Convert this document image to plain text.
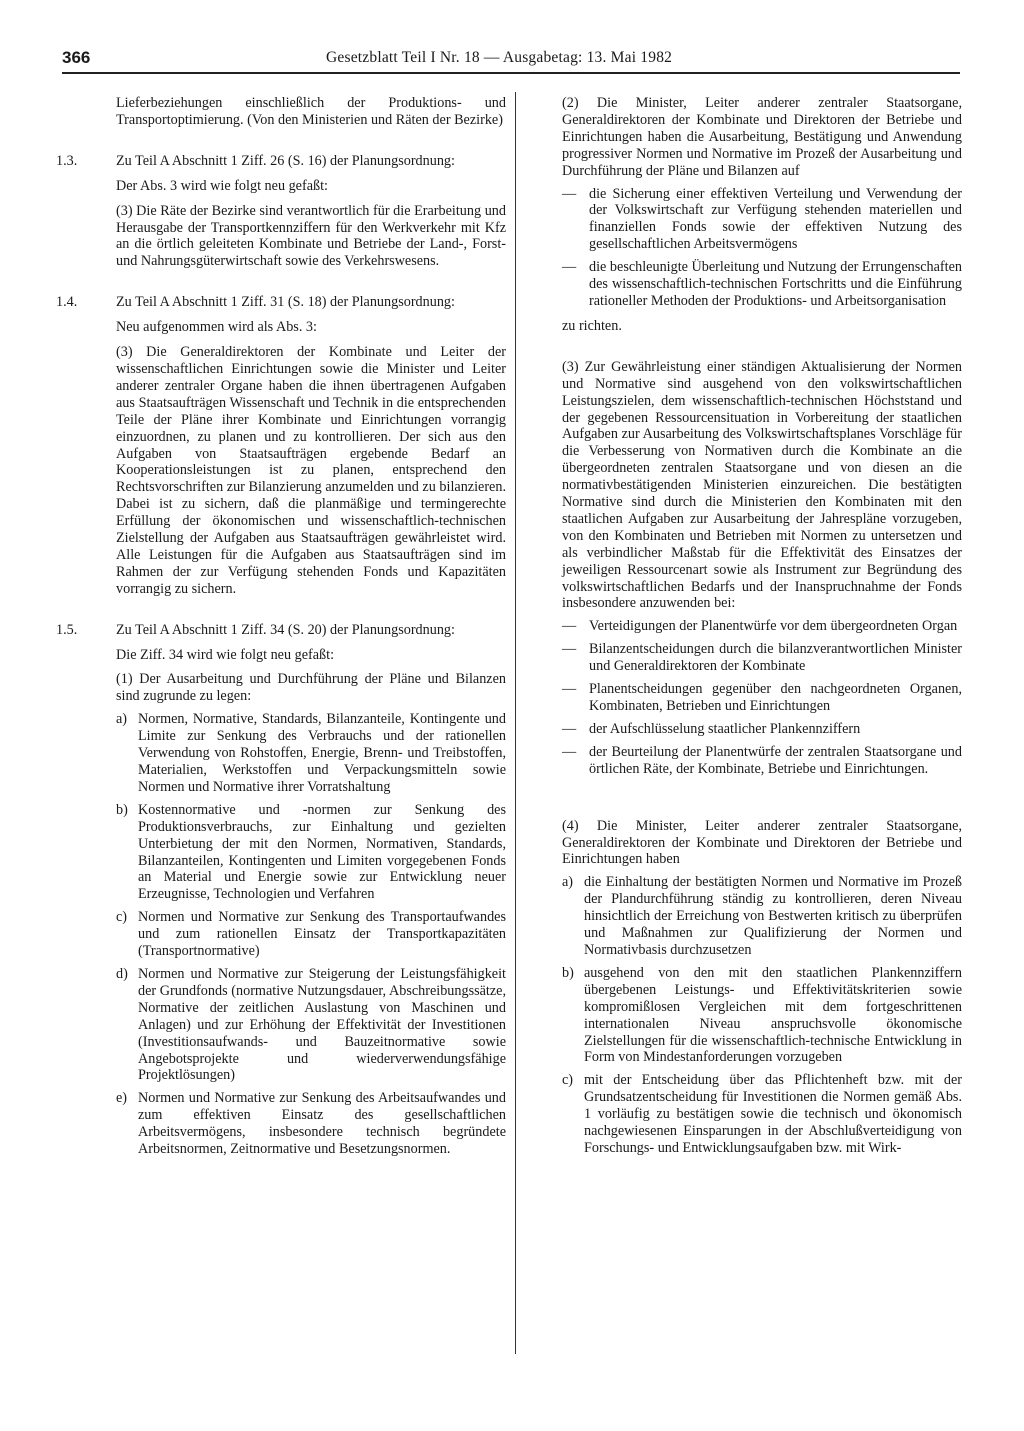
366	Gesetzblatt Teil I Nr. 18 — Ausgabetag: 13. Mai 1982

Lieferbeziehungen einschließlich der Produktions- und Transportoptimierung. (Von den Ministerien und Räten der Bezirke)

1.3.	Zu Teil A Abschnitt 1 Ziff. 26 (S. 16) der Planungsordnung:

Der Abs. 3 wird wie folgt neu gefaßt:

(3) Die Räte der Bezirke sind verantwortlich für die Erarbeitung und Herausgabe der Transportkennziffern für den Werkverkehr mit Kfz an die örtlich geleiteten Kombinate und Betriebe der Land-, Forst- und Nahrungsgüterwirtschaft sowie des Verkehrswesens.

1.4.	Zu Teil A Abschnitt 1 Ziff. 31 (S. 18) der Planungsordnung:

Neu aufgenommen wird als Abs. 3:

(3) Die Generaldirektoren der Kombinate und Leiter der wissenschaftlichen Einrichtungen sowie die Minister und Leiter anderer zentraler Organe haben die ihnen übertragenen Aufgaben aus Staatsaufträgen Wissenschaft und Technik in die entsprechenden Teile der Pläne ihrer Kombinate und Einrichtungen vorrangig einzuordnen, zu planen und zu kontrollieren. Der sich aus den Aufgaben von Staatsaufträgen ergebende Bedarf an Kooperationsleistungen ist zu planen, entsprechend den Rechtsvorschriften zur Bilanzierung anzumelden und zu bilanzieren. Dabei ist zu sichern, daß die planmäßige und termingerechte Erfüllung der ökonomischen und wissenschaftlich-technischen Zielstellung der Aufgaben aus Staatsaufträgen gewährleistet wird. Alle Leistungen für die Aufgaben aus Staatsaufträgen sind im Rahmen der zur Verfügung stehenden Fonds und Kapazitäten vorrangig zu sichern.

1.5.	Zu Teil A Abschnitt 1 Ziff. 34 (S. 20) der Planungsordnung:

Die Ziff. 34 wird wie folgt neu gefaßt:

(1) Der Ausarbeitung und Durchführung der Pläne und Bilanzen sind zugrunde zu legen:

a) Normen, Normative, Standards, Bilanzanteile, Kontingente und Limite zur Senkung des Verbrauchs und der rationellen Verwendung von Rohstoffen, Energie, Brenn- und Treibstoffen, Materialien, Werkstoffen und Verpackungsmitteln sowie Normen und Normative ihrer Vorratshaltung
b) Kostennormative und -normen zur Senkung des Produktionsverbrauchs, zur Einhaltung und gezielten Unterbietung der mit den Normen, Normativen, Standards, Bilanzanteilen, Kontingenten und Limiten vorgegebenen Fonds an Material und Energie sowie zur Entwicklung neuer Erzeugnisse, Technologien und Verfahren
c) Normen und Normative zur Senkung des Transportaufwandes und zum rationellen Einsatz der Transportkapazitäten (Transportnormative)
d) Normen und Normative zur Steigerung der Leistungsfähigkeit der Grundfonds (normative Nutzungsdauer, Abschreibungssätze, Normative der zeitlichen Auslastung von Maschinen und Anlagen) und zur Erhöhung der Effektivität der Investitionen (Investitionsaufwands- und Bauzeitnormative sowie Angebotsprojekte und wiederverwendungsfähige Projektlösungen)
e) Normen und Normative zur Senkung des Arbeitsaufwandes und zum effektiven Einsatz des gesellschaftlichen Arbeitsvermögens, insbesondere technisch begründete Arbeitsnormen, Zeitnormative und Besetzungsnormen.

(2) Die Minister, Leiter anderer zentraler Staatsorgane, Generaldirektoren der Kombinate und Direktoren der Betriebe und Einrichtungen haben die Ausarbeitung, Bestätigung und Anwendung progressiver Normen und Normative im Prozeß der Ausarbeitung und Durchführung der Pläne und Bilanzen auf

— die Sicherung einer effektiven Verteilung und Verwendung der der Volkswirtschaft zur Verfügung stehenden materiellen und finanziellen Fonds sowie der effektiven Nutzung des gesellschaftlichen Arbeitsvermögens
— die beschleunigte Überleitung und Nutzung der Errungenschaften des wissenschaftlich-technischen Fortschritts und die Einführung rationeller Methoden der Produktions- und Arbeitsorganisation

zu richten.

(3) Zur Gewährleistung einer ständigen Aktualisierung der Normen und Normative sind ausgehend von den volkswirtschaftlichen Leistungszielen, dem wissenschaftlich-technischen Höchststand und der gegebenen Ressourcensituation in Vorbereitung der staatlichen Aufgaben zur Ausarbeitung des Volkswirtschaftsplanes Vorschläge für die Verbesserung von Normativen durch die Kombinate an die übergeordneten zentralen Staatsorgane und von diesen an die normativbestätigenden Ministerien einzureichen. Die bestätigten Normative sind durch die Ministerien den Kombinaten mit den staatlichen Aufgaben zur Ausarbeitung der Jahrespläne vorzugeben, von den Kombinaten und Betrieben mit Normen zu untersetzen und als verbindlicher Maßstab für die Effektivität des Einsatzes der jeweiligen Ressourcenart sowie als Instrument zur Begründung des volkswirtschaftlichen Bedarfs und der Inanspruchnahme der Fonds insbesondere anzuwenden bei:

— Verteidigungen der Planentwürfe vor dem übergeordneten Organ
— Bilanzentscheidungen durch die bilanzverantwortlichen Minister und Generaldirektoren der Kombinate
— Planentscheidungen gegenüber den nachgeordneten Organen, Kombinaten, Betrieben und Einrichtungen
— der Aufschlüsselung staatlicher Plankennziffern
— der Beurteilung der Planentwürfe der zentralen Staatsorgane und örtlichen Räte, der Kombinate, Betriebe und Einrichtungen.

(4) Die Minister, Leiter anderer zentraler Staatsorgane, Generaldirektoren der Kombinate und Direktoren der Betriebe und Einrichtungen haben

a) die Einhaltung der bestätigten Normen und Normative im Prozeß der Plandurchführung ständig zu kontrollieren, deren Niveau hinsichtlich der Erreichung von Bestwerten kritisch zu überprüfen und Maßnahmen zur Qualifizierung der Normen und Normativbasis durchzusetzen
b) ausgehend von den mit den staatlichen Plankennziffern übergebenen Leistungs- und Effektivitätskriterien sowie kompromißlosen Vergleichen mit dem fortgeschrittenen internationalen Niveau anspruchsvolle ökonomische Zielstellungen für die wissenschaftlich-technische Entwicklung in Form von Mindestanforderungen vorzugeben
c) mit der Entscheidung über das Pflichtenheft bzw. mit der Grundsatzentscheidung für Investitionen die Normen gemäß Abs. 1 vorläufig zu bestätigen sowie die technisch und ökonomisch nachgewiesenen Einsparungen in der Abschlußverteidigung von Forschungs- und Entwicklungsaufgaben bzw. mit Wirk-
